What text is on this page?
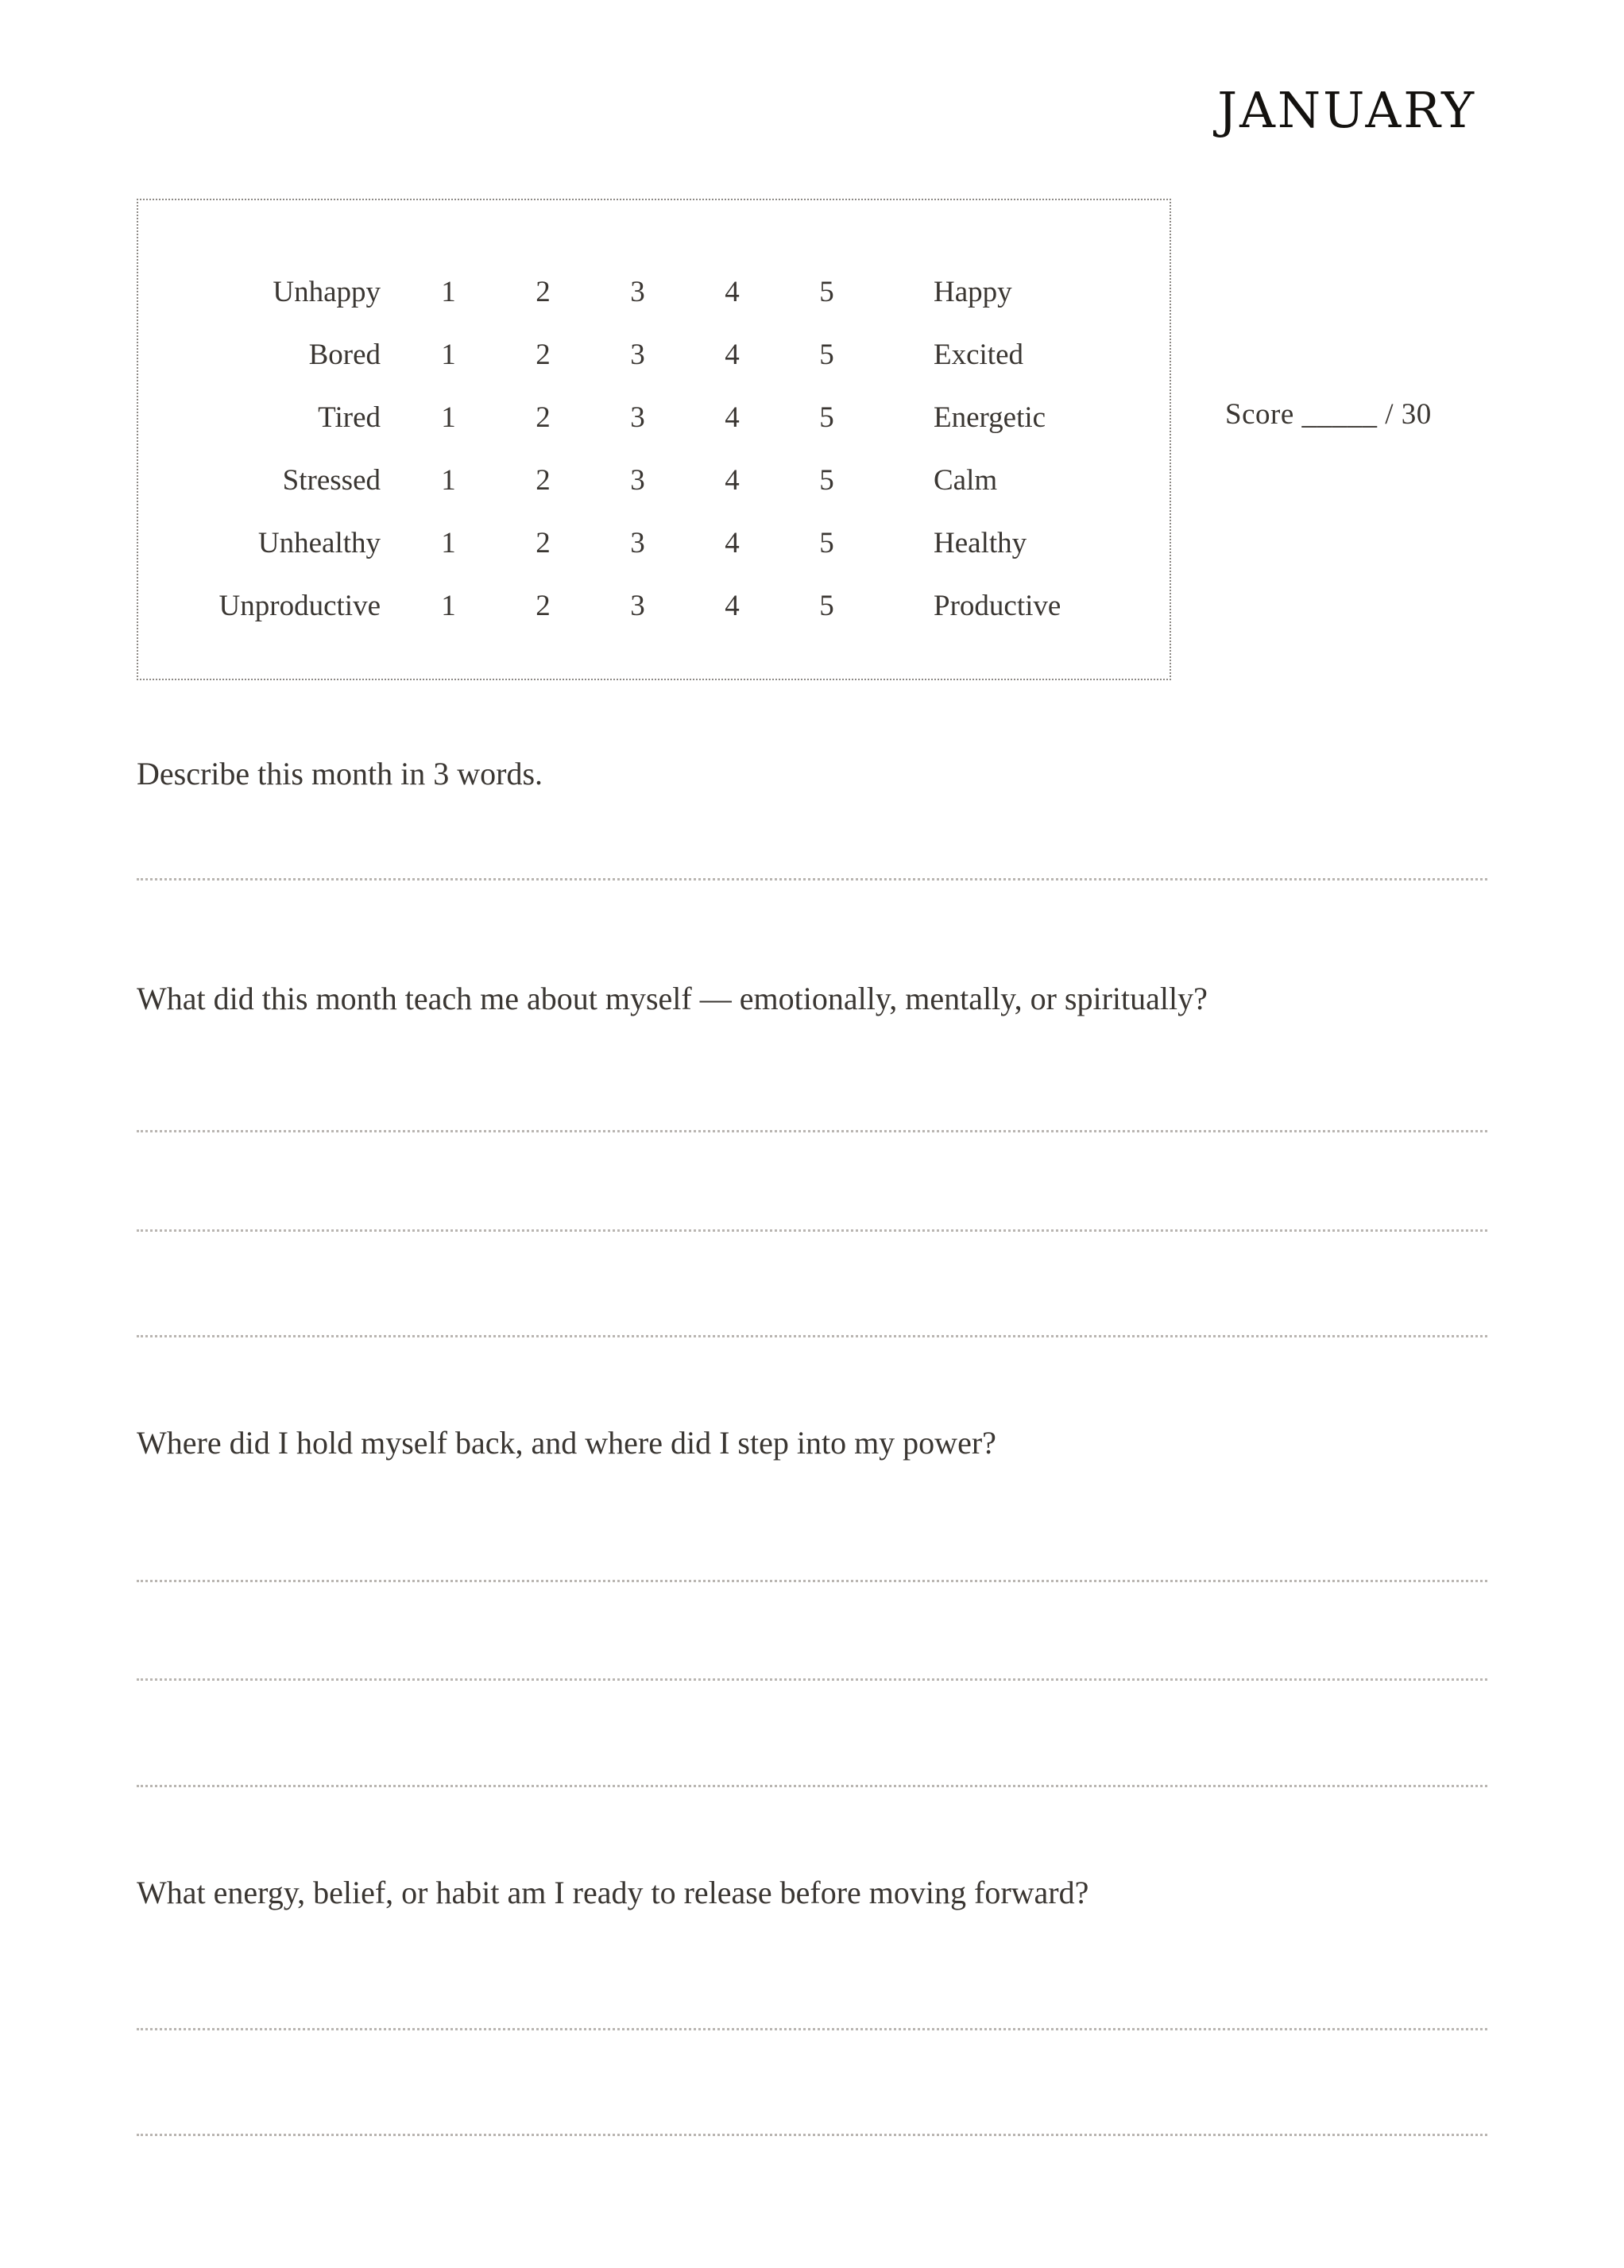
JANUARY
Unhappy	1	2	3	4	5	Happy
Bored	1	2	3	4	5	Excited
Tired	1	2	3	4	5	Energetic
Stressed	1	2	3	4	5	Calm
Unhealthy	1	2	3	4	5	Healthy
Unproductive	1	2	3	4	5	Productive
Score _____ / 30
Describe this month in 3 words.
What did this month teach me about myself — emotionally, mentally, or spiritually?
Where did I hold myself back, and where did I step into my power?
What energy, belief, or habit am I ready to release before moving forward?
